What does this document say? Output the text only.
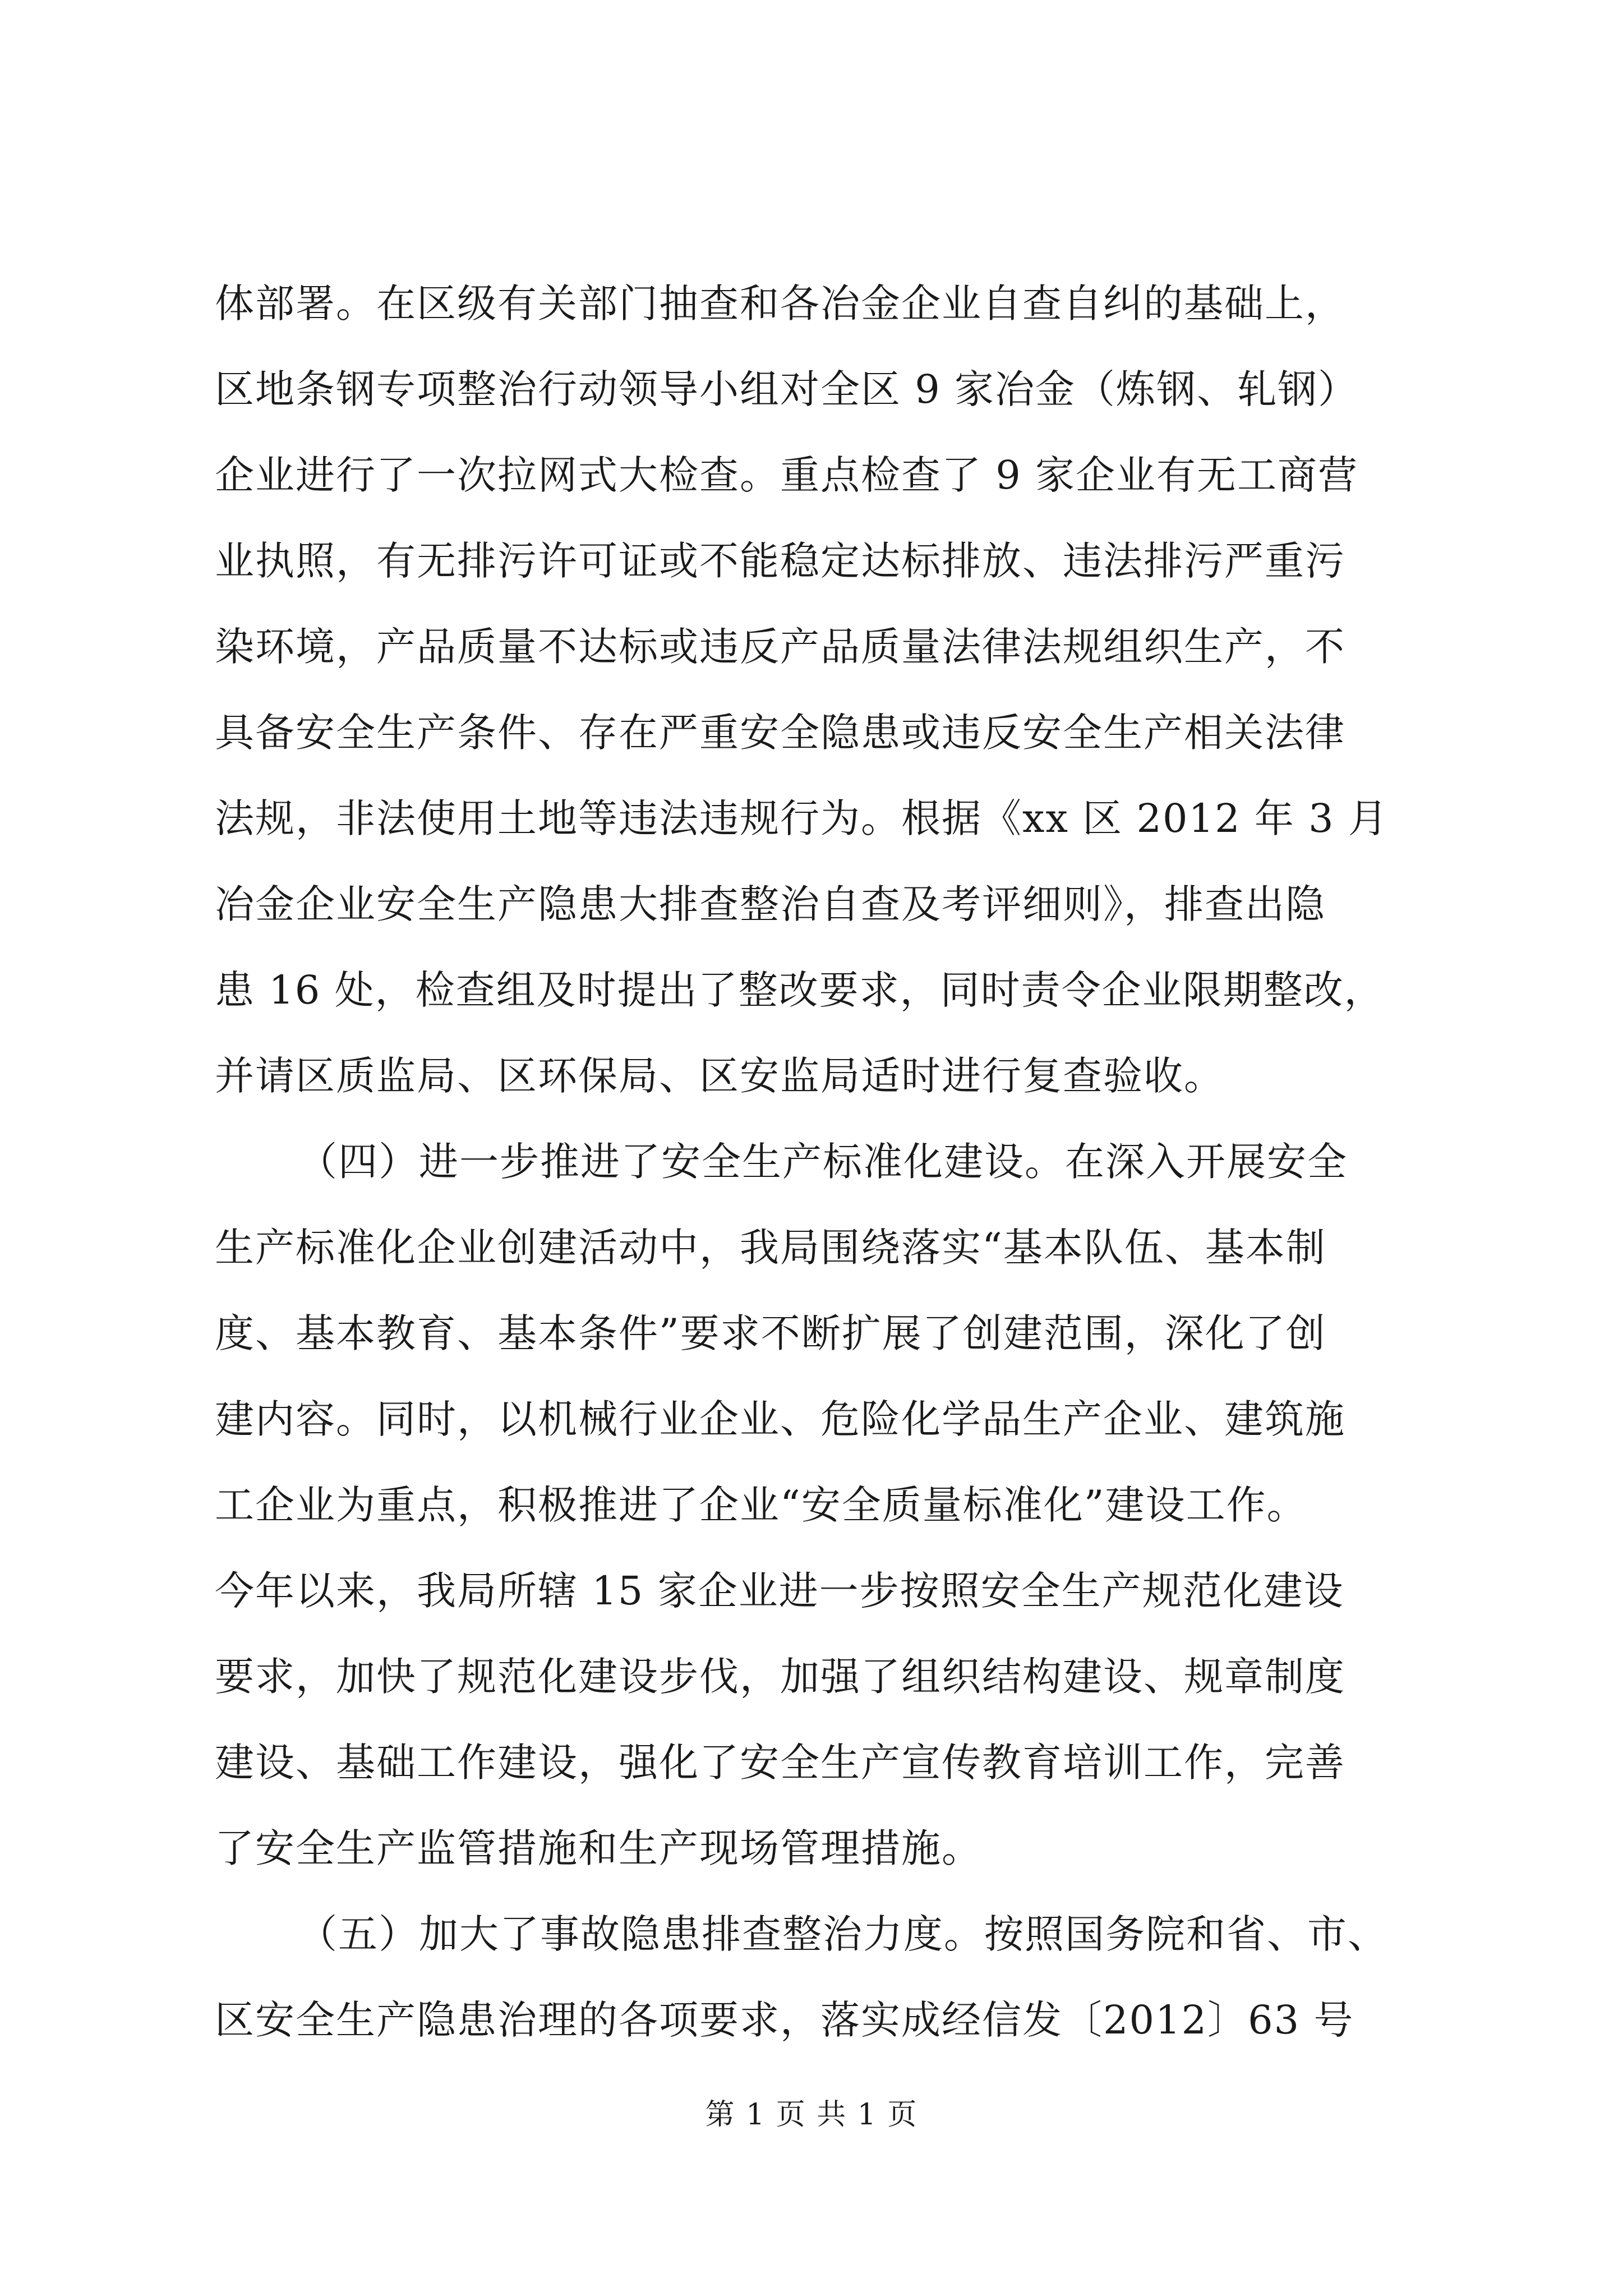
体部署。在区级有关部门抽查和各冶金企业自查自纠的基础上，
区地条钢专项整治行动领导小组对全区 9 家冶金（炼钢、轧钢）
企业进行了一次拉网式大检查。重点检查了 9 家企业有无工商营
业执照，有无排污许可证或不能稳定达标排放、违法排污严重污
染环境，产品质量不达标或违反产品质量法律法规组织生产，不
具备安全生产条件、存在严重安全隐患或违反安全生产相关法律
法规，非法使用土地等违法违规行为。根据《xx 区 2012 年 3 月
冶金企业安全生产隐患大排查整治自查及考评细则》，排查出隐
患 16 处，检查组及时提出了整改要求，同时责令企业限期整改，
并请区质监局、区环保局、区安监局适时进行复查验收。
（四）进一步推进了安全生产标准化建设。在深入开展安全
生产标准化企业创建活动中，我局围绕落实“基本队伍、基本制
度、基本教育、基本条件”要求不断扩展了创建范围，深化了创
建内容。同时，以机械行业企业、危险化学品生产企业、建筑施
工企业为重点，积极推进了企业“安全质量标准化”建设工作。
今年以来，我局所辖 15 家企业进一步按照安全生产规范化建设
要求，加快了规范化建设步伐，加强了组织结构建设、规章制度
建设、基础工作建设，强化了安全生产宣传教育培训工作，完善
了安全生产监管措施和生产现场管理措施。
（五）加大了事故隐患排查整治力度。按照国务院和省、市、
区安全生产隐患治理的各项要求，落实成经信发〔2012〕63 号
第 1 页 共 1 页
